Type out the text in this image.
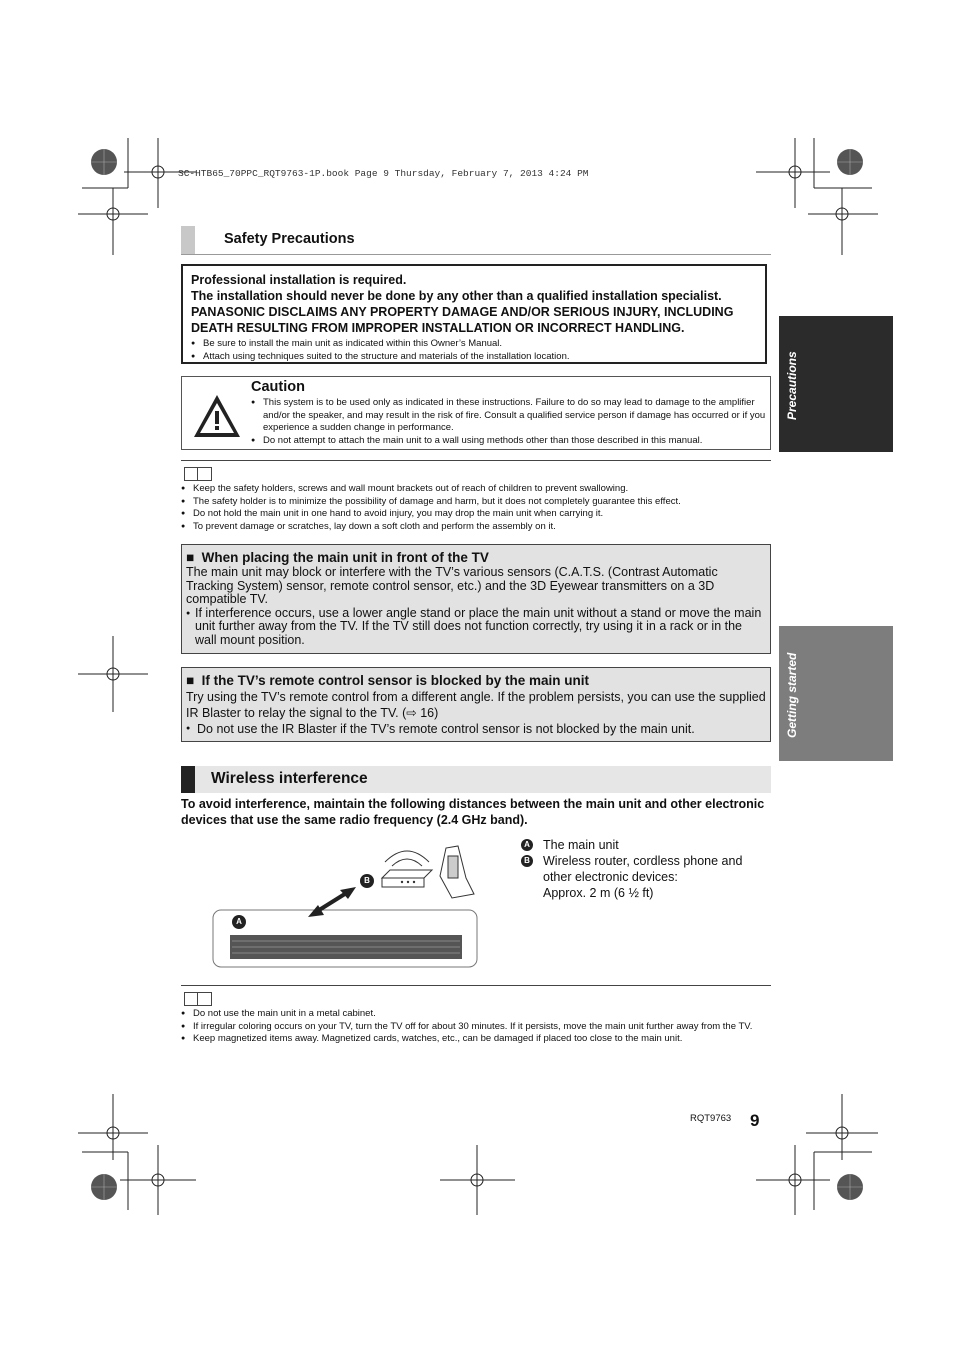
SC-HTB65_70PPC_RQT9763-1P.book Page 9 Thursday, February 7, 2013 4:24 PM
Precautions
Getting started
Safety Precautions
Professional installation is required.
The installation should never be done by any other than a qualified installation specialist.
PANASONIC DISCLAIMS ANY PROPERTY DAMAGE AND/OR SERIOUS INJURY, INCLUDING DEATH RESULTING FROM IMPROPER INSTALLATION OR INCORRECT HANDLING.
● Be sure to install the main unit as indicated within this Owner’s Manual.
● Attach using techniques suited to the structure and materials of the installation location.
Caution
● This system is to be used only as indicated in these instructions. Failure to do so may lead to damage to the amplifier and/or the speaker, and may result in the risk of fire. Consult a qualified service person if damage has occurred or if you experience a sudden change in performance.
● Do not attempt to attach the main unit to a wall using methods other than those described in this manual.
● Keep the safety holders, screws and wall mount brackets out of reach of children to prevent swallowing.
● The safety holder is to minimize the possibility of damage and harm, but it does not completely guarantee this effect.
● Do not hold the main unit in one hand to avoid injury, you may drop the main unit when carrying it.
● To prevent damage or scratches, lay down a soft cloth and perform the assembly on it.
■  When placing the main unit in front of the TV
The main unit may block or interfere with the TV’s various sensors (C.A.T.S. (Contrast Automatic Tracking System) sensor, remote control sensor, etc.) and the 3D Eyewear transmitters on a 3D compatible TV.
● If interference occurs, use a lower angle stand or place the main unit without a stand or move the main unit further away from the TV. If the TV still does not function correctly, try using it in a rack or in the wall mount position.
■  If the TV’s remote control sensor is blocked by the main unit
Try using the TV’s remote control from a different angle. If the problem persists, you can use the supplied IR Blaster to relay the signal to the TV. (⇨ 16)
● Do not use the IR Blaster if the TV’s remote control sensor is not blocked by the main unit.
Wireless interference
To avoid interference, maintain the following distances between the main unit and other electronic devices that use the same radio frequency (2.4 GHz band).
B
A
A The main unit
B Wireless router, cordless phone and other electronic devices:
Approx. 2 m (6 ½ ft)
● Do not use the main unit in a metal cabinet.
● If irregular coloring occurs on your TV, turn the TV off for about 30 minutes. If it persists, move the main unit further away from the TV.
● Keep magnetized items away. Magnetized cards, watches, etc., can be damaged if placed too close to the main unit.
RQT9763 9
